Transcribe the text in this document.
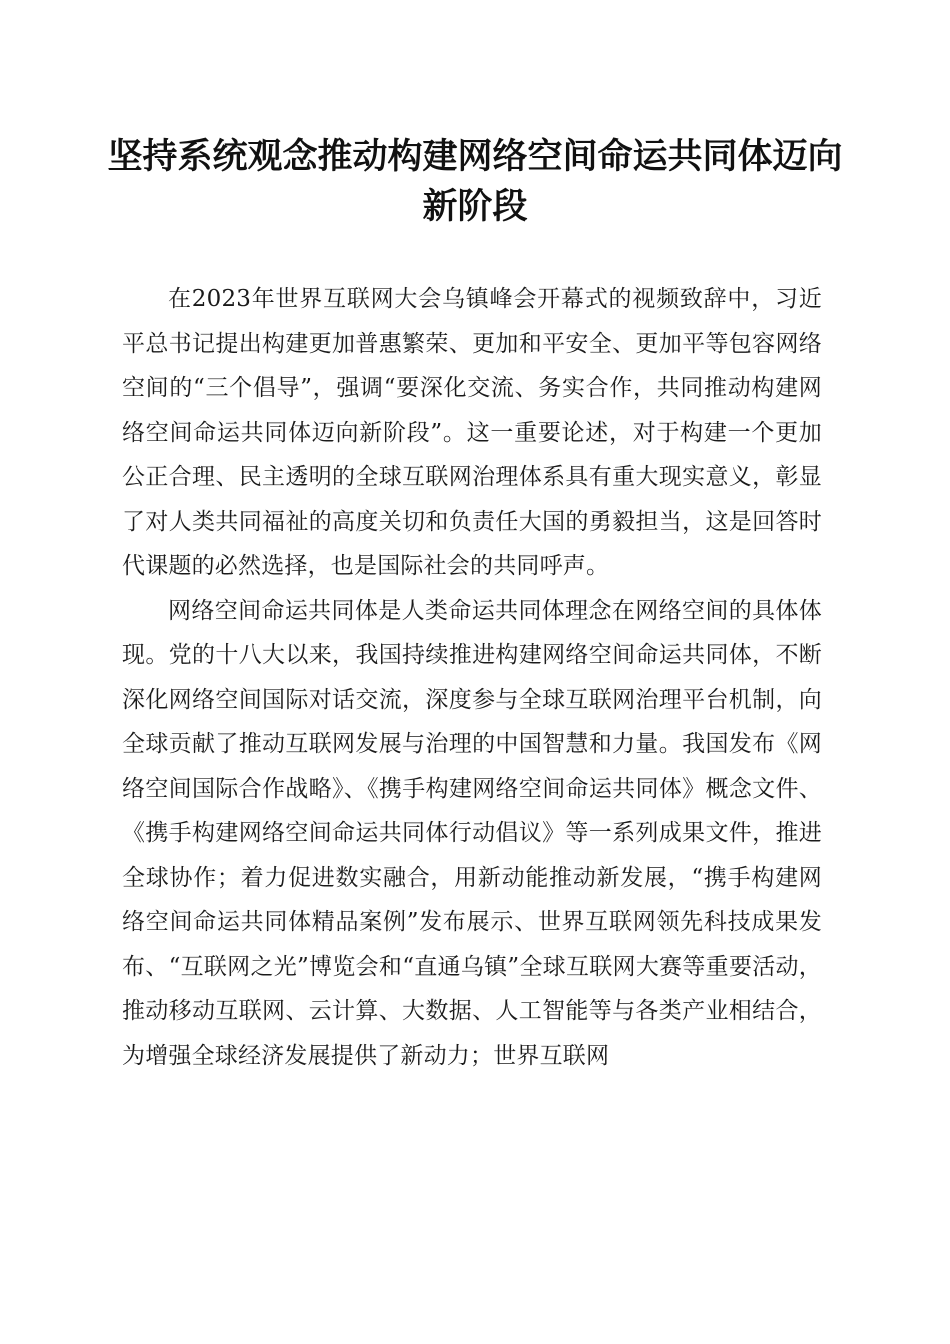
坚持系统观念推动构建网络空间命运共同体迈向新阶段

在2023年世界互联网大会乌镇峰会开幕式的视频致辞中，习近平总书记提出构建更加普惠繁荣、更加和平安全、更加平等包容网络空间的“三个倡导”，强调“要深化交流、务实合作，共同推动构建网络空间命运共同体迈向新阶段”。这一重要论述，对于构建一个更加公正合理、民主透明的全球互联网治理体系具有重大现实意义，彰显了对人类共同福祉的高度关切和负责任大国的勇毅担当，这是回答时代课题的必然选择，也是国际社会的共同呼声。

网络空间命运共同体是人类命运共同体理念在网络空间的具体体现。党的十八大以来，我国持续推进构建网络空间命运共同体，不断深化网络空间国际对话交流，深度参与全球互联网治理平台机制，向全球贡献了推动互联网发展与治理的中国智慧和力量。我国发布《网络空间国际合作战略》、《携手构建网络空间命运共同体》概念文件、《携手构建网络空间命运共同体行动倡议》等一系列成果文件，推进全球协作；着力促进数实融合，用新动能推动新发展，“携手构建网络空间命运共同体精品案例”发布展示、世界互联网领先科技成果发布、“互联网之光”博览会和“直通乌镇”全球互联网大赛等重要活动，推动移动互联网、云计算、大数据、人工智能等与各类产业相结合，为增强全球经济发展提供了新动力；世界互联网
